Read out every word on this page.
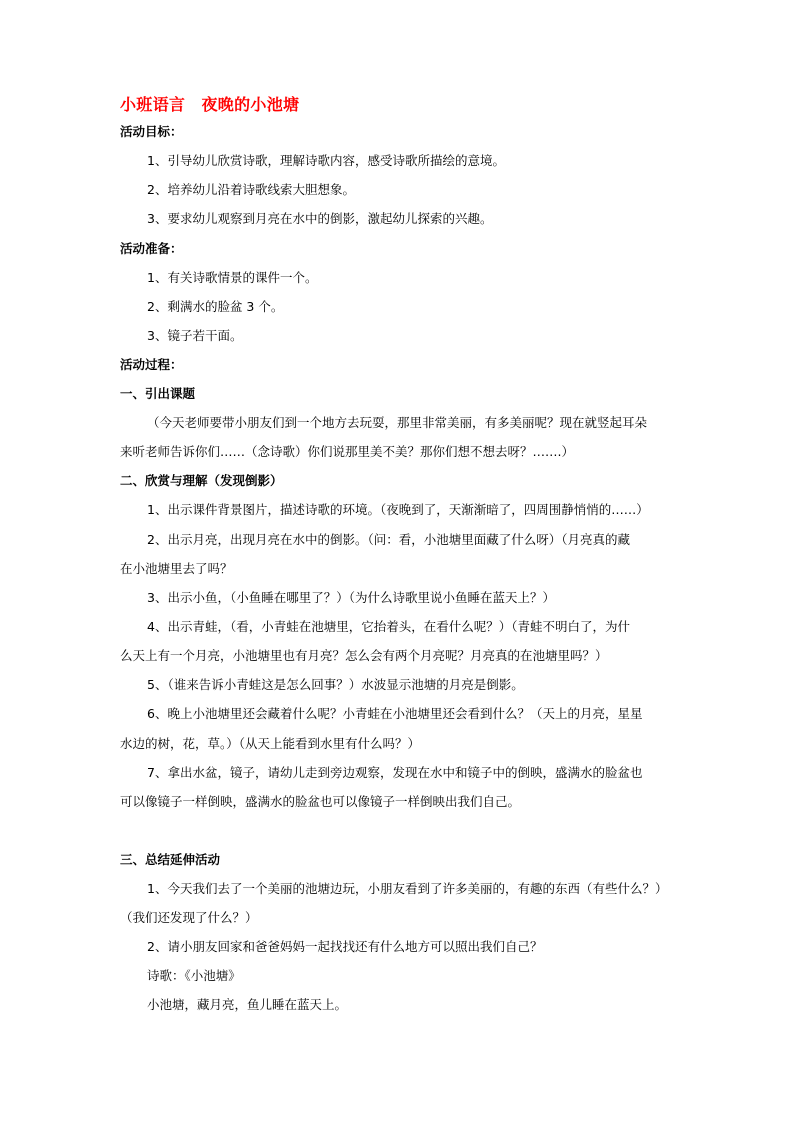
小班语言　夜晚的小池塘
活动目标：
1、引导幼儿欣赏诗歌，理解诗歌内容，感受诗歌所描绘的意境。
2、培养幼儿沿着诗歌线索大胆想象。
3、要求幼儿观察到月亮在水中的倒影，激起幼儿探索的兴趣。
活动准备：
1、有关诗歌情景的课件一个。
2、剩满水的脸盆 3 个。
3、镜子若干面。
活动过程：
一、引出课题
（今天老师要带小朋友们到一个地方去玩耍，那里非常美丽，有多美丽呢？现在就竖起耳朵
来听老师告诉你们……（念诗歌）你们说那里美不美？那你们想不想去呀？…….）
二、欣赏与理解（发现倒影）
1、出示课件背景图片，描述诗歌的环境。（夜晚到了，天渐渐暗了，四周围静悄悄的……）
2、出示月亮，出现月亮在水中的倒影。（问：看，小池塘里面藏了什么呀）（月亮真的藏
在小池塘里去了吗？
3、出示小鱼，（小鱼睡在哪里了？）（为什么诗歌里说小鱼睡在蓝天上？）
4、出示青蛙，（看，小青蛙在池塘里，它抬着头，在看什么呢？）（青蛙不明白了，为什
么天上有一个月亮，小池塘里也有月亮？怎么会有两个月亮呢？月亮真的在池塘里吗？）
5、（谁来告诉小青蛙这是怎么回事？）水波显示池塘的月亮是倒影。
6、晚上小池塘里还会藏着什么呢？小青蛙在小池塘里还会看到什么？（天上的月亮，星星
水边的树，花，草。）（从天上能看到水里有什么吗？）
7、拿出水盆，镜子，请幼儿走到旁边观察，发现在水中和镜子中的倒映，盛满水的脸盆也
可以像镜子一样倒映，盛满水的脸盆也可以像镜子一样倒映出我们自己。
三、总结延伸活动
1、今天我们去了一个美丽的池塘边玩，小朋友看到了许多美丽的，有趣的东西（有些什么？）
（我们还发现了什么？）
2、请小朋友回家和爸爸妈妈一起找找还有什么地方可以照出我们自己？
诗歌：《小池塘》
小池塘，藏月亮，鱼儿睡在蓝天上。
